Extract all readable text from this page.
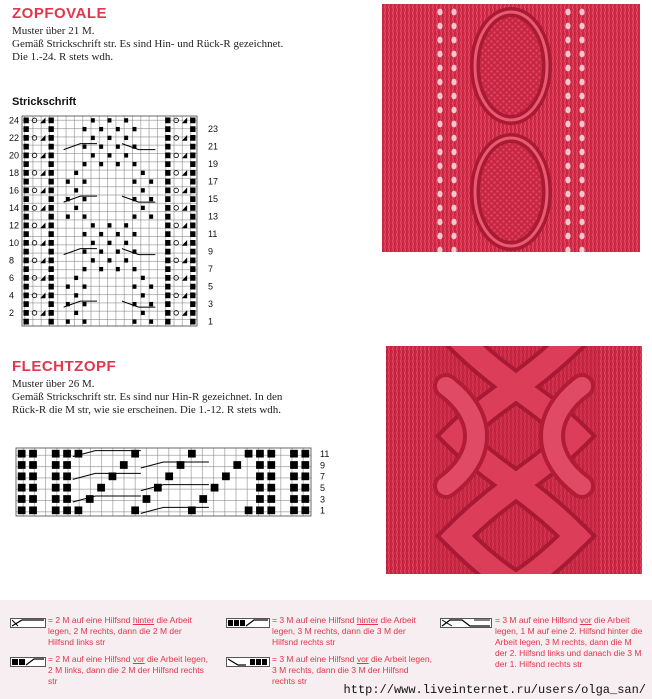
ZOPFOVALE
Muster über 21 M.
Gemäß Strickschrift str. Es sind Hin- und Rück-R gezeichnet.
Die 1.-24. R stets wdh.
Strickschrift
24
22
20
18
16
14
12
10
8
6
4
2
23
21
19
17
15
13
11
9
7
5
3
1
FLECHTZOPF
Muster über 26 M.
Gemäß Strickschrift str. Es sind nur Hin-R gezeichnet. In den
Rück-R die M str, wie sie erscheinen. Die 1.-12. R stets wdh.
11
9
7
5
3
1
= 2 M auf eine Hilfsnd hinter die Arbeit legen, 2 M rechts, dann die 2 M der Hilfsnd links str
= 2 M auf eine Hilfsnd vor die Arbeit legen, 2 M links, dann die 2 M der Hilfsnd rechts str
= 3 M auf eine Hilfsnd hinter die Arbeit legen, 3 M rechts, dann die 3 M der Hilfsnd rechts str
= 3 M auf eine Hilfsnd vor die Arbeit legen, 3 M rechts, dann die 3 M der Hilfsnd rechts str
= 3 M auf eine Hilfsnd vor die Arbeit legen, 1 M auf eine 2. Hilfsnd hinter die Arbeit legen, 3 M rechts, dann die M der 2. Hilfsnd links und danach die 3 M der 1. Hilfsnd rechts str
http://www.liveinternet.ru/users/olga_san/
